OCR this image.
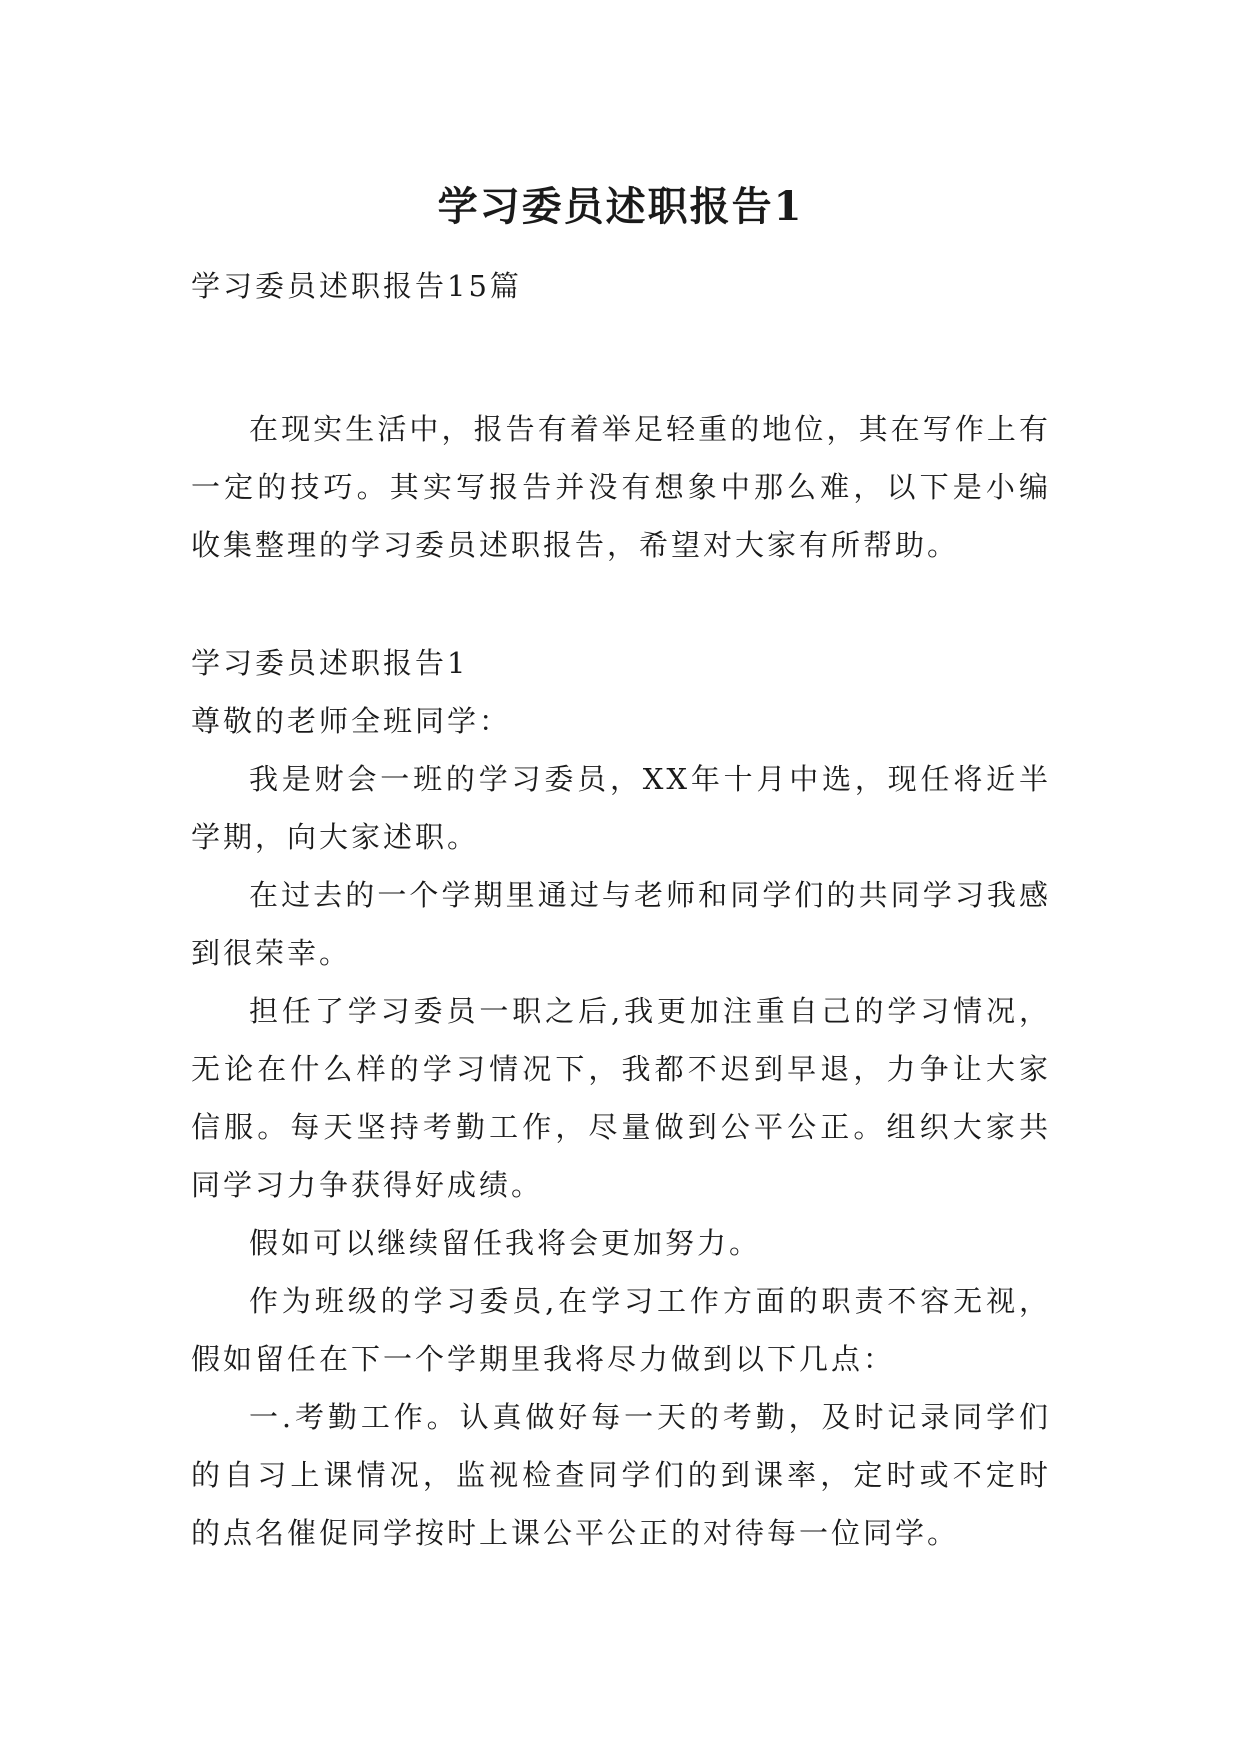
学习委员述职报告1

学习委员述职报告15篇

在现实生活中，报告有着举足轻重的地位，其在写作上有一定的技巧。其实写报告并没有想象中那么难，以下是小编收集整理的学习委员述职报告，希望对大家有所帮助。

学习委员述职报告1

尊敬的老师全班同学：

我是财会一班的学习委员，XX年十月中选，现任将近半学期，向大家述职。

在过去的一个学期里通过与老师和同学们的共同学习我感到很荣幸。

担任了学习委员一职之后,我更加注重自己的学习情况，无论在什么样的学习情况下，我都不迟到早退，力争让大家信服。每天坚持考勤工作，尽量做到公平公正。组织大家共同学习力争获得好成绩。

假如可以继续留任我将会更加努力。

作为班级的学习委员,在学习工作方面的职责不容无视，假如留任在下一个学期里我将尽力做到以下几点：

一.考勤工作。认真做好每一天的考勤，及时记录同学们的自习上课情况，监视检查同学们的到课率，定时或不定时的点名催促同学按时上课公平公正的对待每一位同学。
